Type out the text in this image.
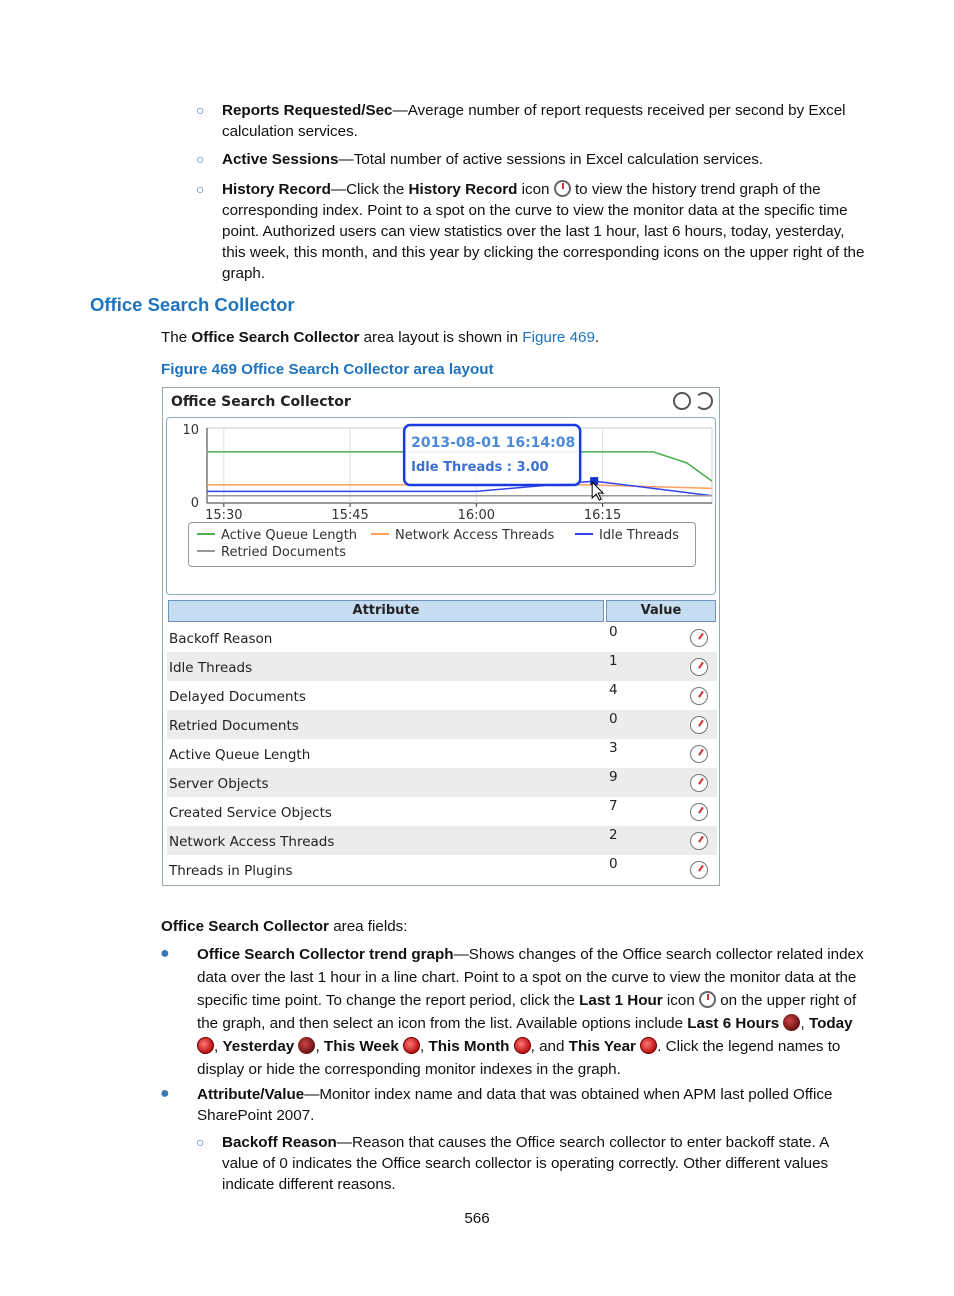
○ Reports Requested/Sec—Average number of report requests received per second by Excel calculation services.
○ Active Sessions—Total number of active sessions in Excel calculation services.
○ History Record—Click the History Record icon  to view the history trend graph of the corresponding index. Point to a spot on the curve to view the monitor data at the specific time point. Authorized users can view statistics over the last 1 hour, last 6 hours, today, yesterday, this week, this month, and this year by clicking the corresponding icons on the upper right of the graph.
Office Search Collector
The Office Search Collector area layout is shown in Figure 469.
Figure 469 Office Search Collector area layout
Office Search Collector
15:30	15:45	16:00	16:15
0
10
2013-08-01 16:14:08
Idle Threads : 3.00
Active Queue Length	Network Access Threads	Idle Threads
Retried Documents
Attribute	Value
Backoff Reason	0
Idle Threads	1
Delayed Documents	4
Retried Documents	0
Active Queue Length	3
Server Objects	9
Created Service Objects	7
Network Access Threads	2
Threads in Plugins	0
Office Search Collector area fields:
● Office Search Collector trend graph—Shows changes of the Office search collector related index data over the last 1 hour in a line chart. Point to a spot on the curve to view the monitor data at the specific time point. To change the report period, click the Last 1 Hour icon  on the upper right of the graph, and then select an icon from the list. Available options include Last 6 Hours , Today , Yesterday , This Week , This Month , and This Year . Click the legend names to display or hide the corresponding monitor indexes in the graph.
● Attribute/Value—Monitor index name and data that was obtained when APM last polled Office SharePoint 2007.
○ Backoff Reason—Reason that causes the Office search collector to enter backoff state. A value of 0 indicates the Office search collector is operating correctly. Other different values indicate different reasons.
566
